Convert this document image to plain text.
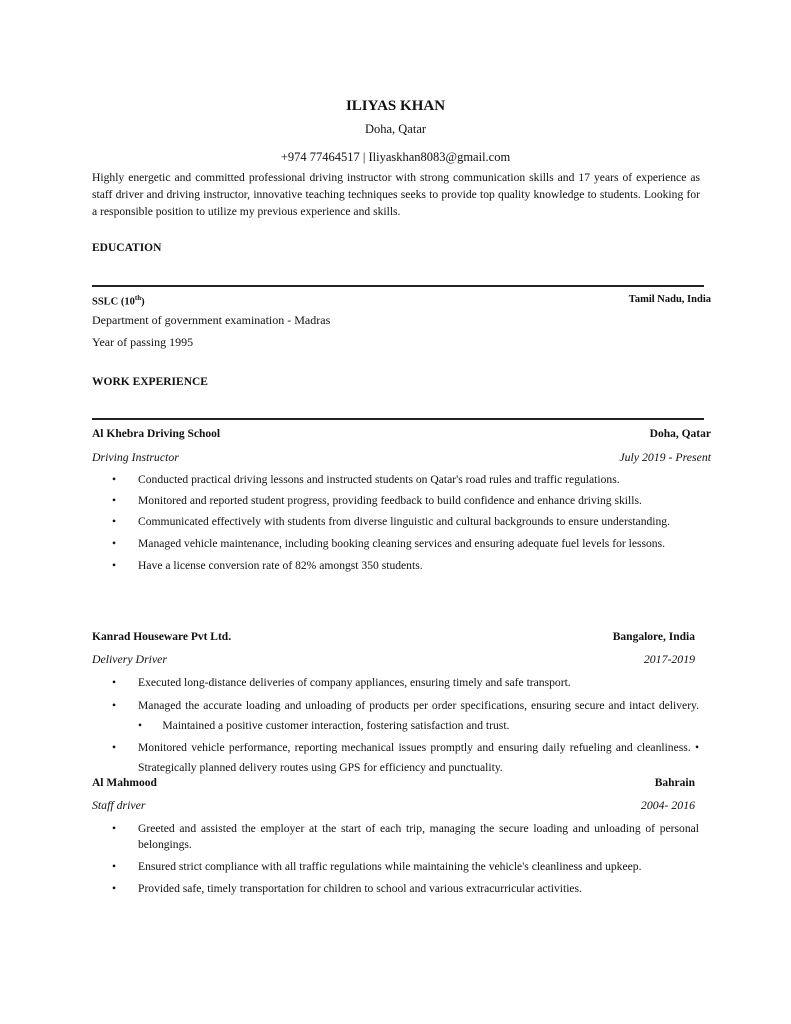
ILIYAS KHAN
Doha, Qatar
+974 77464517 | Iliyaskhan8083@gmail.com
Highly energetic and committed professional driving instructor with strong communication skills and 17 years of experience as staff driver and driving instructor, innovative teaching techniques seeks to provide top quality knowledge to students. Looking for a responsible position to utilize my previous experience and skills.
EDUCATION
SSLC (10th)	Tamil Nadu, India
Department of government examination - Madras
Year of passing 1995
WORK EXPERIENCE
Al Khebra Driving School	Doha, Qatar
Driving Instructor	July 2019 - Present
• Conducted practical driving lessons and instructed students on Qatar's road rules and traffic regulations.
• Monitored and reported student progress, providing feedback to build confidence and enhance driving skills.
• Communicated effectively with students from diverse linguistic and cultural backgrounds to ensure understanding.
• Managed vehicle maintenance, including booking cleaning services and ensuring adequate fuel levels for lessons.
• Have a license conversion rate of 82% amongst 350 students.
Kanrad Houseware Pvt Ltd.	Bangalore, India
Delivery Driver	2017-2019
• Executed long-distance deliveries of company appliances, ensuring timely and safe transport.
• Managed the accurate loading and unloading of products per order specifications, ensuring secure and intact delivery. • Maintained a positive customer interaction, fostering satisfaction and trust.
• Monitored vehicle performance, reporting mechanical issues promptly and ensuring daily refueling and cleanliness. • Strategically planned delivery routes using GPS for efficiency and punctuality.
Al Mahmood	Bahrain
Staff driver	2004- 2016
• Greeted and assisted the employer at the start of each trip, managing the secure loading and unloading of personal belongings.
• Ensured strict compliance with all traffic regulations while maintaining the vehicle's cleanliness and upkeep.
• Provided safe, timely transportation for children to school and various extracurricular activities.
